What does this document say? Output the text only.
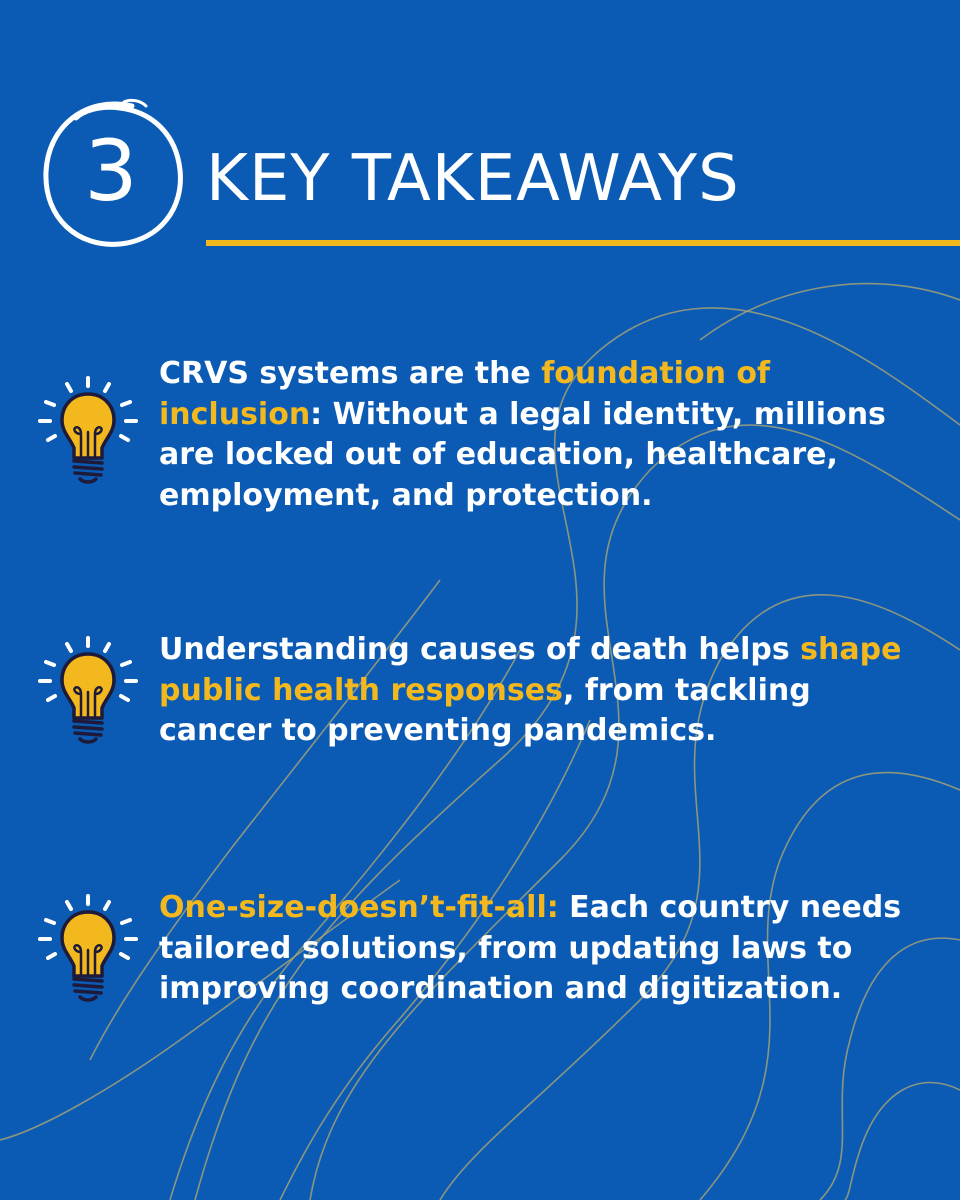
3	KEY TAKEAWAYS

CRVS systems are the foundation of inclusion: Without a legal identity, millions are locked out of education, healthcare, employment, and protection.

Understanding causes of death helps shape public health responses, from tackling cancer to preventing pandemics.

One-size-doesn’t-fit-all: Each country needs tailored solutions, from updating laws to improving coordination and digitization.
